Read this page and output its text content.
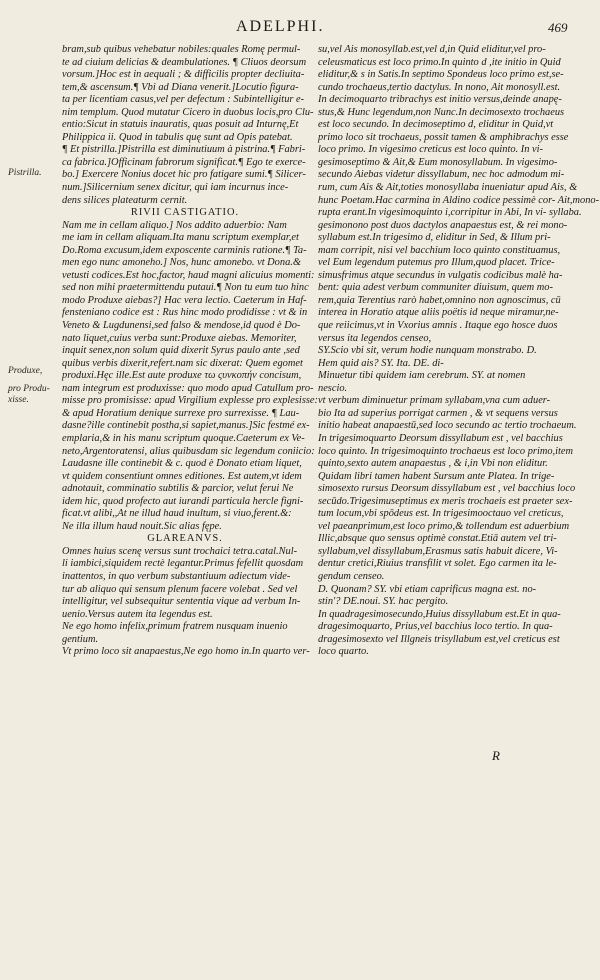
ADELPHI.	469
bram,sub quibus vehebatur nobiles:quales Romę permul-
te ad ciuium delicias & deambulationes. ¶ Cliuos deorsum
vorsum.]Hoc est in aequali ; & difficilis propter decliuita-
tem,& ascensum.¶ Vbi ad Diana venerit.]Locutio figura-
ta per licentiam casus,vel per defectum : Subintelligitur e-
nim templum. Quod mutatur Cicero in duobus locis,pro Clu-
entio:Sicut in statuis inauratis, quas posuit ad Inturnę,Et
Philippica ii. Quod in tabulis quę sunt ad Opis patebat.
¶ Et pistrilla.]Pistrilla est diminutiuum à pistrina.¶ Fabri-
ca fabrica.]Officinam fabrorum significat.¶ Ego te exerce-
bo.] Exercere Nonius docet hic pro fatigare sumi.¶ Silicer-
num.]Silicernium senex dicitur, qui iam incurnus ince-
dens silices plateaturm cernit.
RIVII CASTIGATIO.
Nam me in cellam aliquo.] Nos addito aduerbio: Nam
me iam in cellam aliquam.Ita manu scriptum exemplar,et
Do.Roma excusum,idem exposcente carminis ratione.¶ Ta-
men ego nunc amoneho.] Nos, hunc amonebo. vt Dona.&
vetusti codices.Est hoc,factor, haud magni alicuius momenti:
sed non mihi praetermittendu putaui.¶ Non tu eum tuo hinc
modo Produxe aiebas?] Hac vera lectio. Caeterum in Haf-
fensteniano codice est : Rus hinc modo prodidisse : vt & in
Veneto & Lugdunensi,sed falso & mendose,id quod è Do-
nato liquet,cuius verba sunt:Produxe aiebas. Memoriter,
inquit senex,non solum quid dixerit Syrus paulo ante ,sed
quibus verbis dixerit,refert.nam sic dixerat: Quem egomet
produxi.Hęc ille.Est aute produxe τω ςυνκοπήν concisum,
nam integrum est produxisse: quo modo apud Catullum pro-
misse pro promisisse: apud Virgilium explesse pro explesisse:
& apud Horatium denique surrexe pro surrexisse. ¶ Lau-
dasne?ille continebit postha,si sapiet,manus.]Sic festmé ex-
emplaria,& in his manu scriptum quoque.Caeterum ex Ve-
neto,Argentoratensi, alius quibusdam sic legendum coniicio:
Laudasne ille continebit & c. quod è Donato etiam liquet,
vt quidem consentiunt omnes editiones. Est autem,vt idem
adnotauit, comminatio subtilis & parcior, velut ferui Ne
idem hic, quod profecto aut iurandi particula hercle figni-
ficat.vt alibi,,At ne illud haud inultum, si viuo,ferent.&:
Ne illa illum haud nouit.Sic alias fępe.
GLAREANVS.
Omnes huius scenę versus sunt trochaici tetra.catal.Nul-
li iambici,siquidem rectè legantur.Primus fefellit quosdam
inattentos, in quo verbum substantiuum adiectum vide-
tur ab aliquo qui sensum plenum facere volebat . Sed vel
intelligitur, vel subsequitur sententia vique ad verbum In-
uenio.Versus autem ita legendus est.
Ne ego homo infelix,primum fratrem nusquam inuenio
gentium.
Vt primo loco sit anapaestus,Ne ego homo in.In quarto ver-
su,vel Ais monosyllab.est,vel d,in Quid eliditur,vel pro-
celeusmaticus est loco primo.In quinto d ,ite initio in Quid
eliditur,& s in Satis.In septimo Spondeus loco primo est,se-
cundo trochaeus,tertio dactylus. In nono, Ait monosyll.est.
In decimoquarto tribrachys est initio versus,deinde anapę-
stus,& Hunc legendum,non Nunc.In decimosexto trochaeus
est loco secundo. In decimoseptimo d, eliditur in Quid,vt
primo loco sit trochaeus, possit tamen & amphibrachys esse
loco primo. In vigesimo creticus est loco quinto. In vi-
gesimoseptimo & Ait,& Eum monosyllabum. In vigesimo-
secundo Aiebas videtur dissyllabum, nec hoc admodum mi-
rum, cum Ais & Ait,toties monosyllaba inueniatur apud Ais, &
hunc Poetam.Hac carmina in Aldino codice pessimè cor- Ait,mono-
rupta erant.In vigesimoquinto i,corripitur in Abi, In vi- syllaba.
gesimonono post duos dactylos anapaestus est, & rei mono-
syllabum est.In trigesimo d, eliditur in Sed, & Illum pri-
mam corripit, nisi vel bacchium loco quinto constituamus,
vel Eum legendum putemus pro Illum,quod placet. Trice-
simusfrimus atque secundus in vulgatis codicibus malè ha-
bent: quia adest verbum communiter diuisum, quem mo-
rem,quia Terentius rarò habet,omnino non agnoscimus, cū
interea in Horatio atque aliis poëtis id neque miramur,ne-
que reiicimus,vt in Vxorius amnis . Itaque ego hosce duos
versus ita legendos censeo,
SY.Scio vbi sit, verum hodie nunquam monstrabo. D.
Hem quid ais? SY. Ita. DE. di-
Minuetur tibi quidem iam cerebrum. SY. at nomen
nescio.
vt verbum diminuetur primam syllabam,vna cum aduer-
bio Ita ad superius porrigat carmen , & vt sequens versus
initio habeat anapaestū,sed loco secundo ac tertio trochaeum.
In trigesimoquarto Deorsum dissyllabum est , vel bacchius
loco quinto. In trigesimoquinto trochaeus est loco primo,item
quinto,sexto autem anapaestus , & i,in Vbi non eliditur.
Quidam libri tamen habent Sursum ante Platea. In trige-
simosexto rursus Deorsum dissyllabum est , vel bacchius loco
secūdo.Trigesimuseptimus ex meris trochaeis est praeter sex-
tum locum,vbi spōdeus est. In trigesimooctauo vel creticus,
vel paeanprimum,est loco primo,& tollendum est aduerbium
Illic,absque quo sensus optimè constat.Etiā autem vel tri-
syllabum,vel dissyllabum,Erasmus satis habuit dicere, Vi-
dentur cretici,Riuius transfilit vt solet. Ego carmen ita le-
gendum censeo.
D. Quonam? SY. vbi etiam caprificus magna est. no-
stin'? DE.noui. SY. hac pergito.
In quadragesimosecundo,Huius dissyllabum est.Et in qua-
dragesimoquarto, Prius,vel bacchius loco tertio. In qua-
dragesimosexto vel Illgneis trisyllabum est,vel creticus est
loco quarto.
Pistrilla.
Produxe,
pro Produ- xisse.
R
